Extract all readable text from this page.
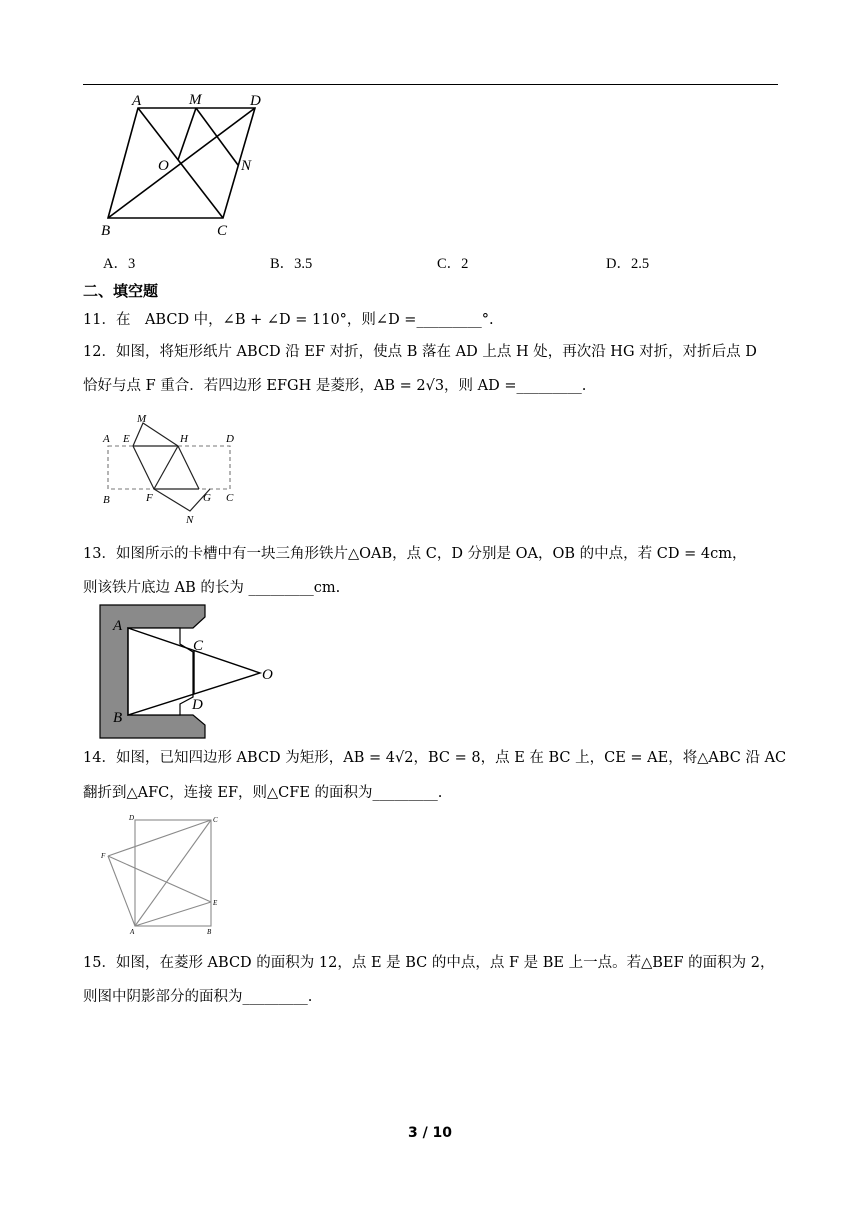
A	M	D
O	N
B	C
A．3	B．3.5	C．2	D．2.5
二、填空题
11．在　ABCD 中，∠B + ∠D = 110°，则∠D =_________°.
12．如图，将矩形纸片 ABCD 沿 EF 对折，使点 B 落在 AD 上点 H 处，再次沿 HG 对折，对折后点 D
恰好与点 F 重合．若四边形 EFGH 是菱形，AB = 2√3，则 AD =_________.
M
A E	H	D
B	F	G C
N
13．如图所示的卡槽中有一块三角形铁片△OAB，点 C，D 分别是 OA，OB 的中点，若 CD = 4cm，
则该铁片底边 AB 的长为 _________cm.
A
C
O
B
D
14．如图，已知四边形 ABCD 为矩形，AB = 4√2，BC = 8，点 E 在 BC 上，CE = AE，将△ABC 沿 AC
翻折到△AFC，连接 EF，则△CFE 的面积为_________.
D	C
F
E
A	B
15．如图，在菱形 ABCD 的面积为 12，点 E 是 BC 的中点，点 F 是 BE 上一点。若△BEF 的面积为 2，
则图中阴影部分的面积为_________.
3 / 10
